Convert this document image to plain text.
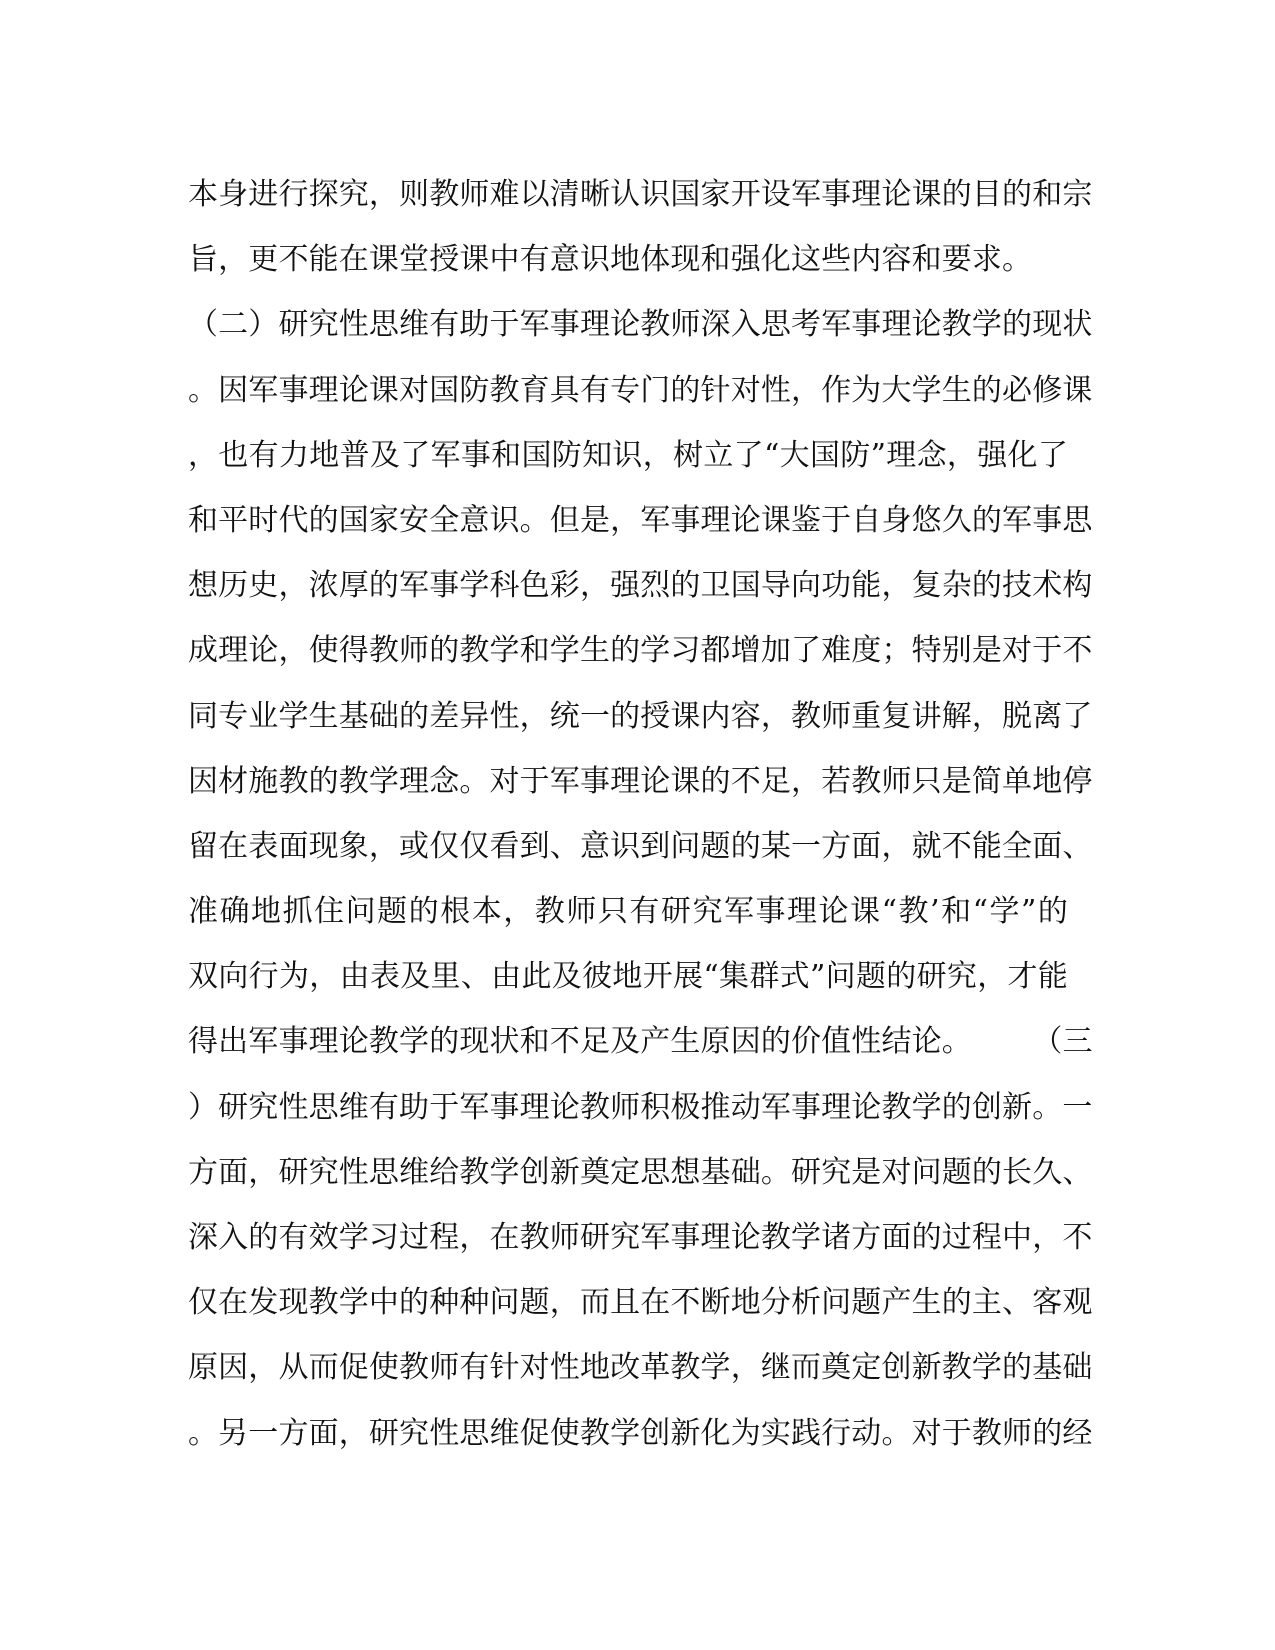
本身进行探究，则教师难以清晰认识国家开设军事理论课的目的和宗
旨，更不能在课堂授课中有意识地体现和强化这些内容和要求。
（二）研究性思维有助于军事理论教师深入思考军事理论教学的现状
。因军事理论课对国防教育具有专门的针对性，作为大学生的必修课
，也有力地普及了军事和国防知识，树立了“大国防”理念，强化了
和平时代的国家安全意识。但是，军事理论课鉴于自身悠久的军事思
想历史，浓厚的军事学科色彩，强烈的卫国导向功能，复杂的技术构
成理论，使得教师的教学和学生的学习都增加了难度；特别是对于不
同专业学生基础的差异性，统一的授课内容，教师重复讲解，脱离了
因材施教的教学理念。对于军事理论课的不足，若教师只是简单地停
留在表面现象，或仅仅看到、意识到问题的某一方面，就不能全面、
准确地抓住问题的根本，教师只有研究军事理论课“教’和“学”的
双向行为，由表及里、由此及彼地开展“集群式”问题的研究，才能
得出军事理论教学的现状和不足及产生原因的价值性结论。　　　（三
）研究性思维有助于军事理论教师积极推动军事理论教学的创新。一
方面，研究性思维给教学创新奠定思想基础。研究是对问题的长久、
深入的有效学习过程，在教师研究军事理论教学诸方面的过程中，不
仅在发现教学中的种种问题，而且在不断地分析问题产生的主、客观
原因，从而促使教师有针对性地改革教学，继而奠定创新教学的基础
。另一方面，研究性思维促使教学创新化为实践行动。对于教师的经
